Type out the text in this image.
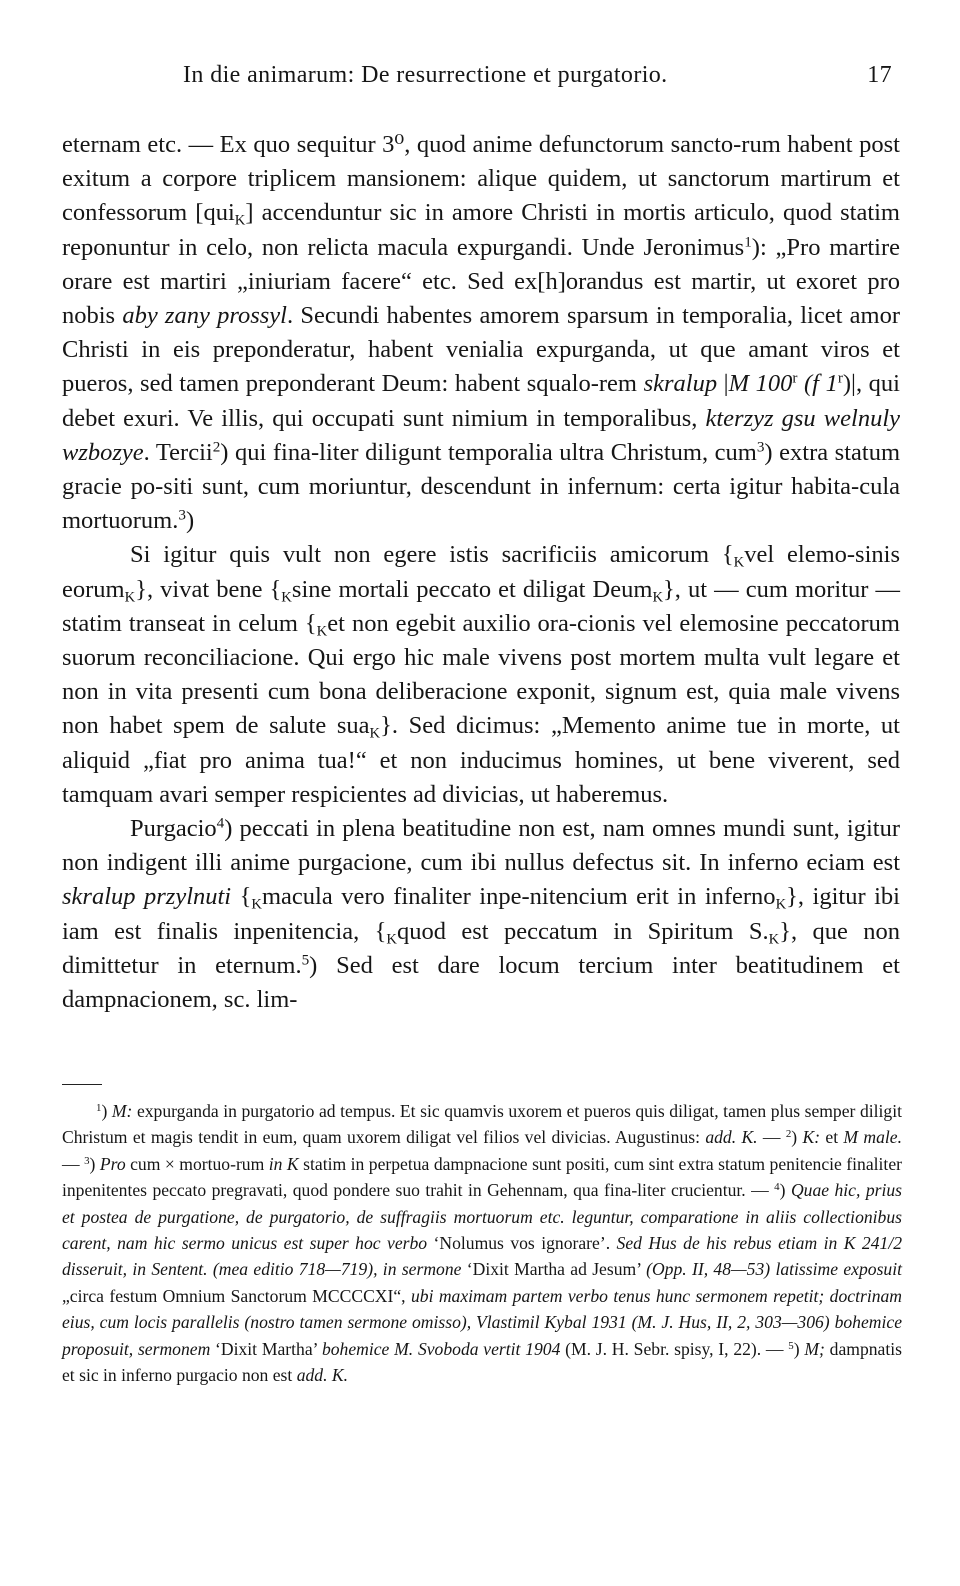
In die animarum: De resurrectione et purgatorio.	17

eternam etc. — Ex quo sequitur 3⁰, quod anime defunctorum sancto-rum habent post exitum a corpore triplicem mansionem: alique quidem, ut sanctorum martirum et confessorum [qui$_K$] accenduntur sic in amore Christi in mortis articulo, quod statim reponuntur in celo, non relicta macula expurgandi. Unde Jeronimus$^1$): „Pro martire orare est martiri „iniuriam facere“ etc. Sed ex[h]orandus est martir, ut exoret pro nobis aby zany prossyl. Secundi habentes amorem sparsum in temporalia, licet amor Christi in eis preponderatur, habent venialia expurganda, ut que amant viros et pueros, sed tamen preponderant Deum: habent squalo-rem skralup |M 100$^r$ (f 1$^r$)|, qui debet exuri. Ve illis, qui occupati sunt nimium in temporalibus, kterzyz gsu welnuly wzbozye. Tercii$^2$) qui fina-liter diligunt temporalia ultra Christum, cum$^3$) extra statum gracie po-siti sunt, cum moriuntur, descendunt in infernum: certa igitur habita-cula mortuorum.$^3$)

Si igitur quis vult non egere istis sacrificiis amicorum {$_Kvel$ elemo-sinis eorum$_K$}, vivat bene {$_K\sin e$ mortali peccato et diligat Deum$_K$}, ut — cum moritur — statim transeat in celum {$_Ket$ non egebit auxilio ora-cionis vel elemosine peccatorum suorum reconciliacione. Qui ergo hic male vivens post mortem multa vult legare et non in vita presenti cum bona deliberacione exponit, signum est, quia male vivens non habet spem de salute sua$_K$}. Sed dicimus: „Memento anime tue in morte, ut aliquid „fiat pro anima tua!“ et non inducimus homines, ut bene viverent, sed tamquam avari semper respicientes ad divicias, ut haberemus.

Purgacio$^4$) peccati in plena beatitudine non est, nam omnes mundi sunt, igitur non indigent illi anime purgacione, cum ibi nullus defectus sit. In inferno eciam est skralup przylnuti {$_Kmacula$ vero finaliter inpe-nitencium erit in inferno$_K$}, igitur ibi iam est finalis inpenitencia, {$_Kquod$ est peccatum in Spiritum $S._K$}, que non dimittetur in eternum.$^5$) Sed est dare locum tercium inter beatitudinem et dampnacionem, sc. lim-

$^1$) M: expurganda in purgatorio ad tempus. Et sic quamvis uxorem et pueros quis diligat, tamen plus semper diligit Christum et magis tendit in eum, quam uxorem diligat vel filios vel divicias. Augustinus: add. K. — $^2$) K: et M male. — $^3$) Pro cum × mortuo-rum in K statim in perpetua dampnacione sunt positi, cum sint extra statum penitencie finaliter inpenitentes peccato pregravati, quod pondere suo trahit in Gehennam, qua fina-liter crucientur. — $^4$) Quae hic, prius et postea de purgatione, de purgatorio, de suffragiis mortuorum etc. leguntur, comparatione in aliis collectionibus carent, nam hic sermo unicus est super hoc verbo ‘Nolumus vos ignorare’. Sed Hus de his rebus etiam in K 241/2 disseruit, in Sentent. (mea editio 718—719), in sermone ‘Dixit Martha ad Jesum’ (Opp. II, 48—53) latissime exposuit „circa festum Omnium Sanctorum MCCCCXI“, ubi maximam partem verbo tenus hunc sermonem repetit; doctrinam eius, cum locis parallelis (nostro tamen sermone omisso), Vlastimil Kybal 1931 (M. J. Hus, II, 2, 303—306) bohemice proposuit, sermonem ‘Dixit Martha’ bohemice M. Svoboda vertit 1904 (M. J. H. Sebr. spisy, I, 22). — $^5$) M; dampnatis et sic in inferno purgacio non est add. K.
